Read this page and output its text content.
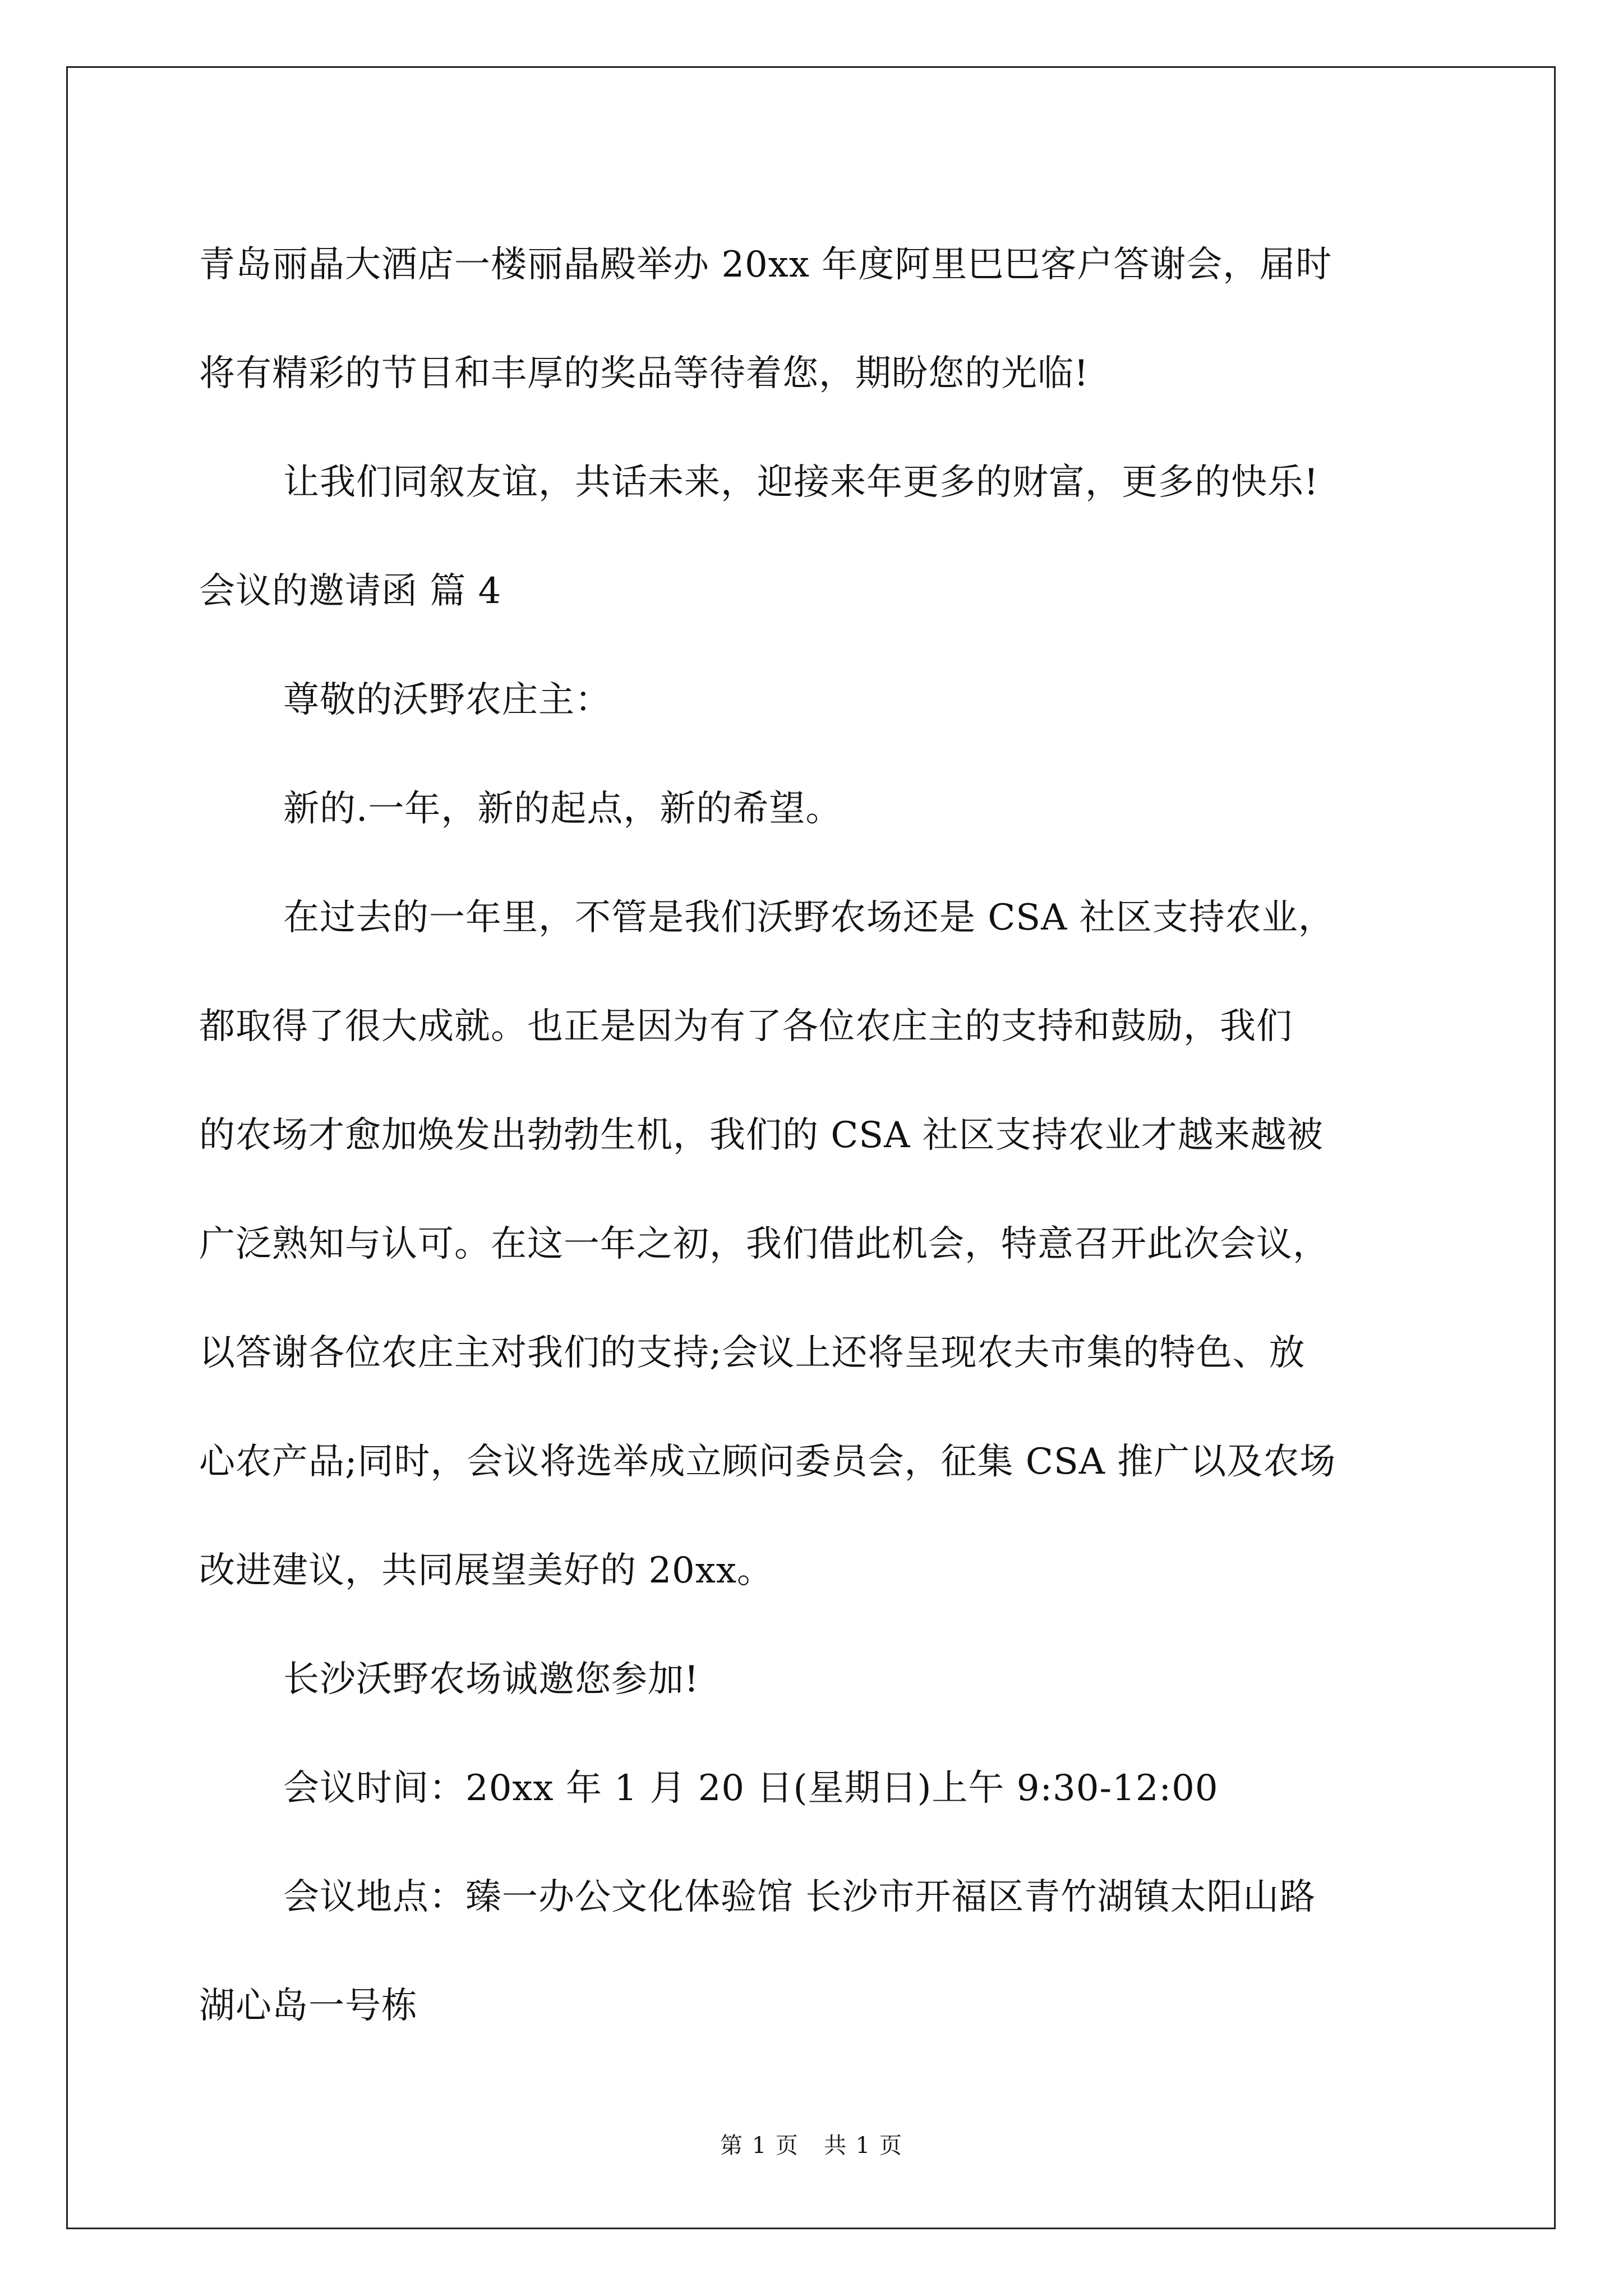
青岛丽晶大酒店一楼丽晶殿举办 20xx 年度阿里巴巴客户答谢会，届时
将有精彩的节目和丰厚的奖品等待着您，期盼您的光临!
让我们同叙友谊，共话未来，迎接来年更多的财富，更多的快乐!
会议的邀请函 篇 4
尊敬的沃野农庄主：
新的.一年，新的起点，新的希望。
在过去的一年里，不管是我们沃野农场还是 CSA 社区支持农业，
都取得了很大成就。也正是因为有了各位农庄主的支持和鼓励，我们
的农场才愈加焕发出勃勃生机，我们的 CSA 社区支持农业才越来越被
广泛熟知与认可。在这一年之初，我们借此机会，特意召开此次会议，
以答谢各位农庄主对我们的支持;会议上还将呈现农夫市集的特色、放
心农产品;同时，会议将选举成立顾问委员会，征集 CSA 推广以及农场
改进建议，共同展望美好的 20xx。
长沙沃野农场诚邀您参加!
会议时间：20xx 年 1 月 20 日(星期日)上午 9:30-12:00
会议地点：臻一办公文化体验馆 长沙市开福区青竹湖镇太阳山路
湖心岛一号栋
第 1 页   共 1 页
